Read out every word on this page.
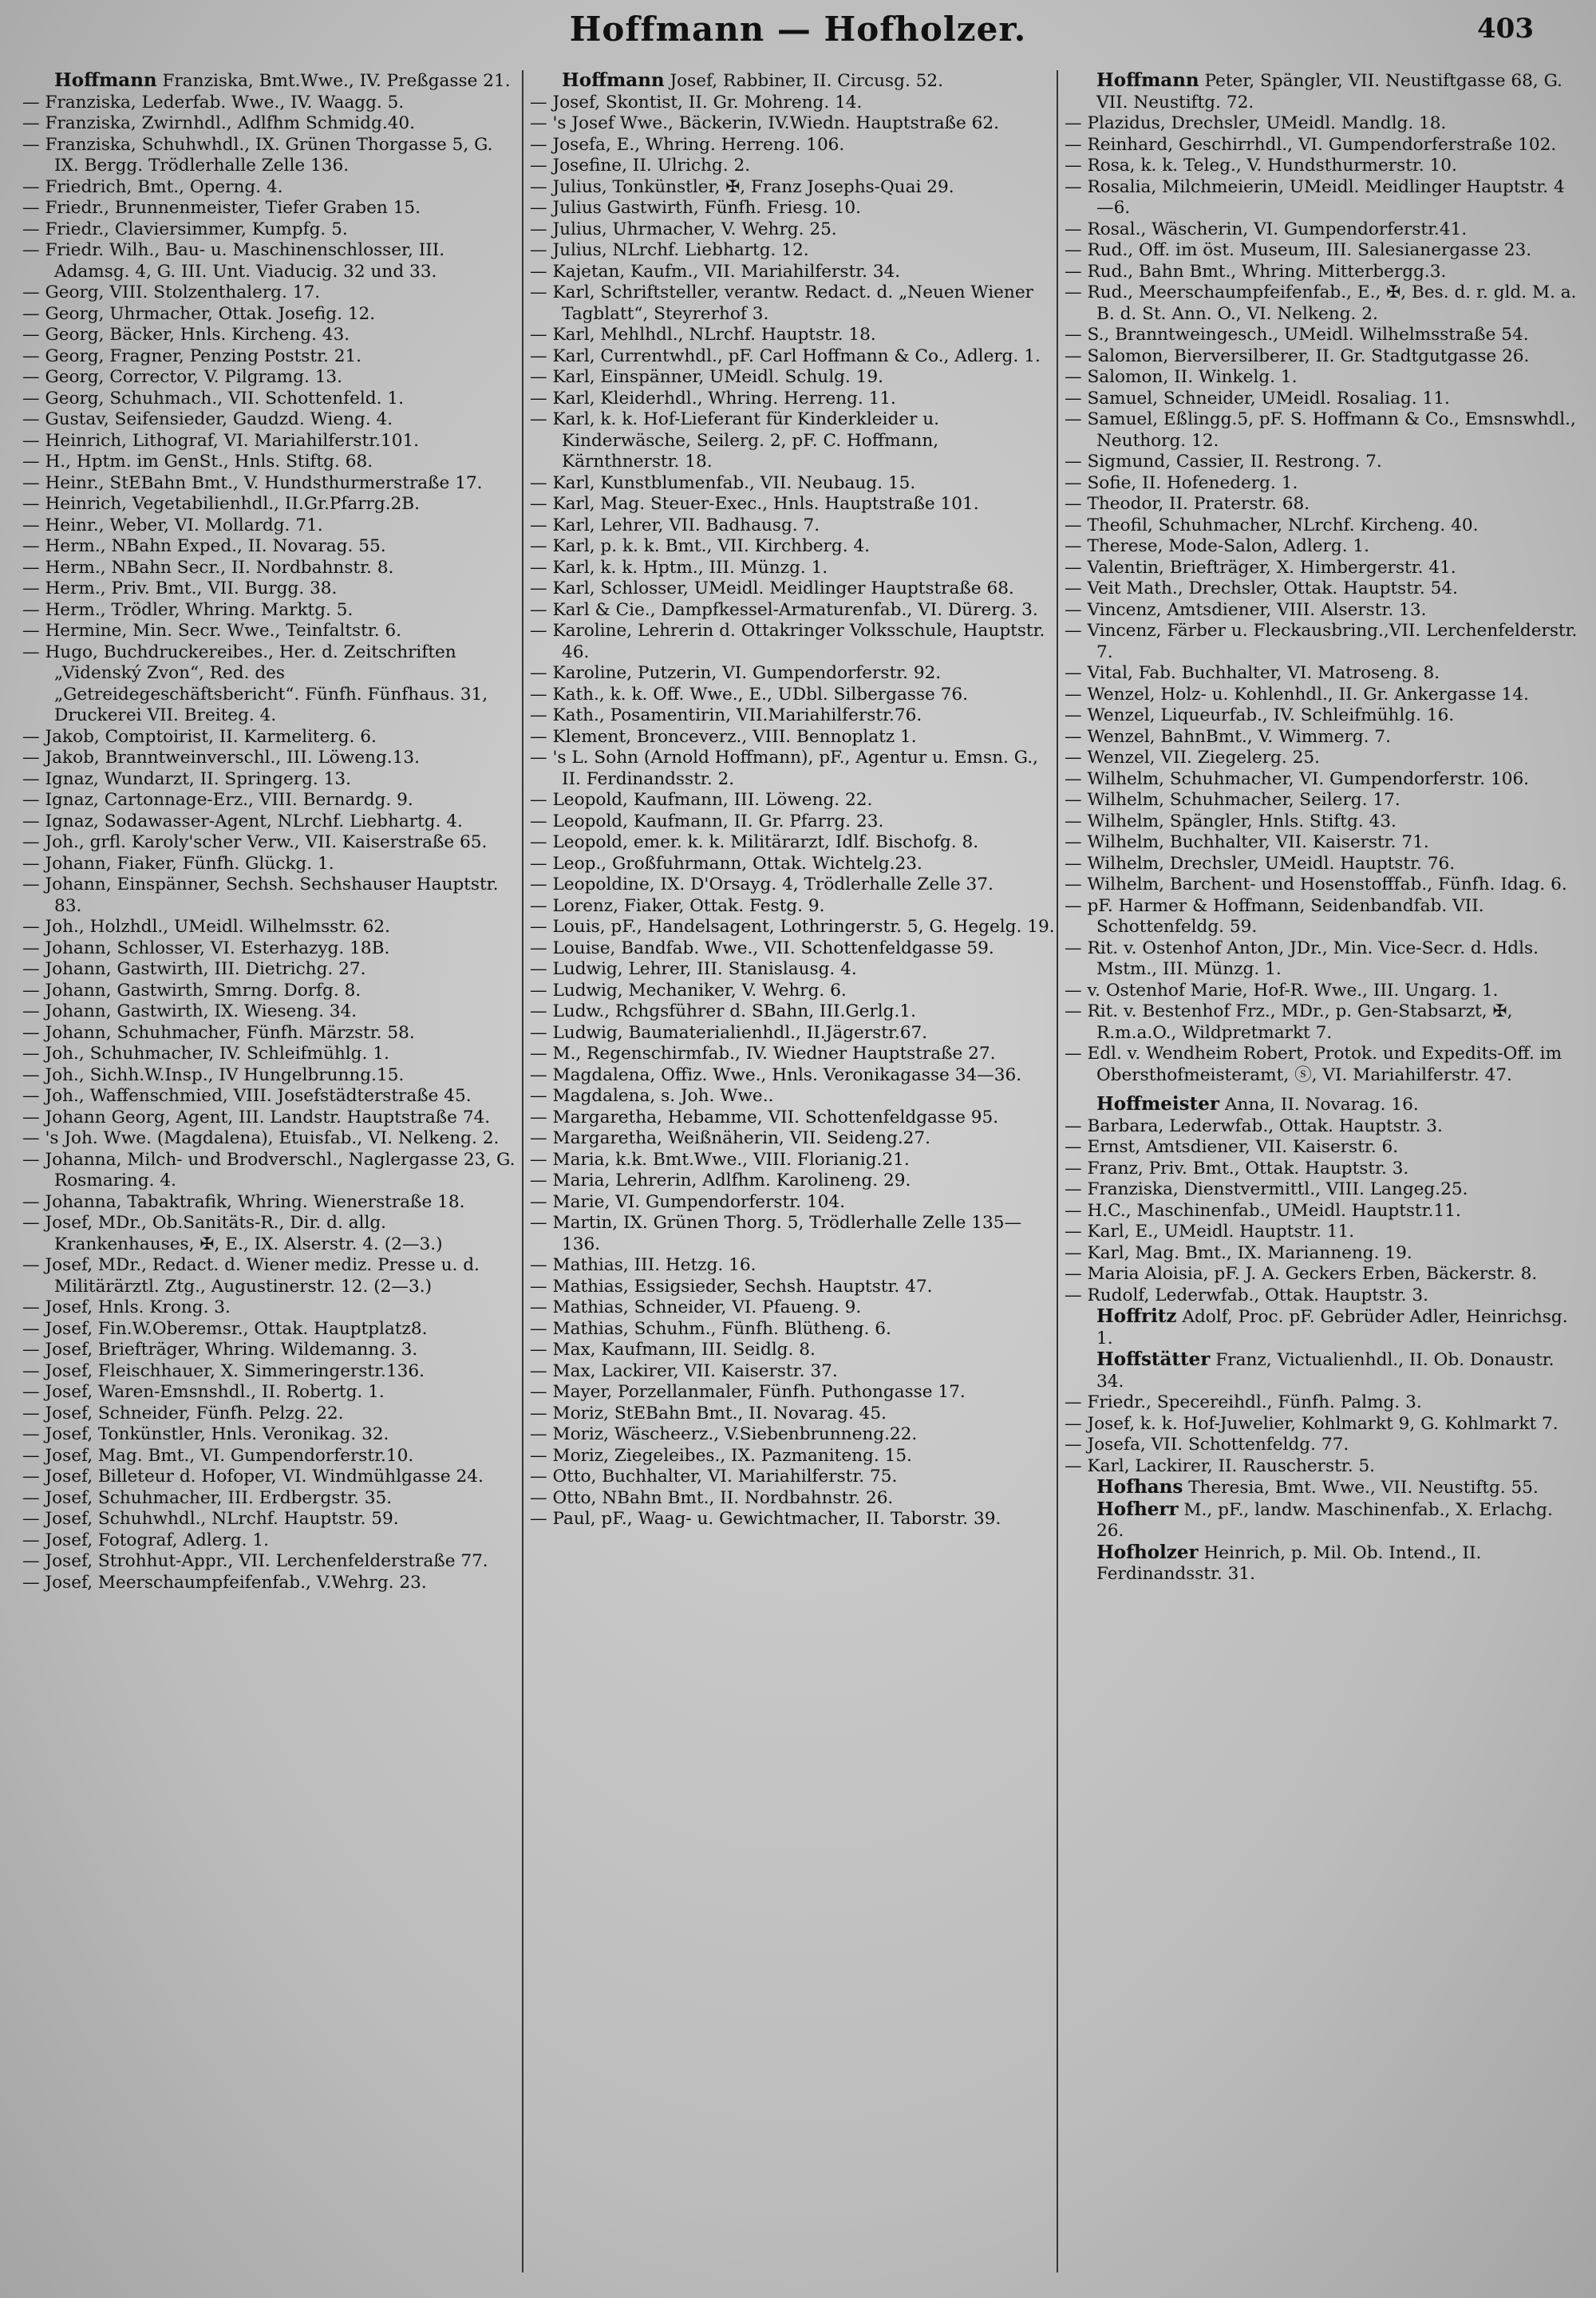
Hoffmann — Hofholzer.	403

Hoffmann Franziska, Bmt.Wwe., IV. Preßgasse 21.

— Franziska, Lederfab. Wwe., IV. Waagg. 5.

— Franziska, Zwirnhdl., Adlfhm Schmidg.40.

— Franziska, Schuhwhdl., IX. Grünen Thorgasse 5, G. IX. Bergg. Trödlerhalle Zelle 136.

— Friedrich, Bmt., Operng. 4.

— Friedr., Brunnenmeister, Tiefer Graben 15.

— Friedr., Claviersimmer, Kumpfg. 5.

— Friedr. Wilh., Bau- u. Maschinenschlosser, III. Adamsg. 4, G. III. Unt. Viaducig. 32 und 33.

— Georg, VIII. Stolzenthalerg. 17.

— Georg, Uhrmacher, Ottak. Josefig. 12.

— Georg, Bäcker, Hnls. Kircheng. 43.

— Georg, Fragner, Penzing Poststr. 21.

— Georg, Corrector, V. Pilgramg. 13.

— Georg, Schuhmach., VII. Schottenfeld. 1.

— Gustav, Seifensieder, Gaudzd. Wieng. 4.

— Heinrich, Lithograf, VI. Mariahilferstr.101.

— H., Hptm. im GenSt., Hnls. Stiftg. 68.

— Heinr., StEBahn Bmt., V. Hundsthurmerstraße 17.

— Heinrich, Vegetabilienhdl., II.Gr.Pfarrg.2B.

— Heinr., Weber, VI. Mollardg. 71.

— Herm., NBahn Exped., II. Novarag. 55.

— Herm., NBahn Secr., II. Nordbahnstr. 8.

— Herm., Priv. Bmt., VII. Burgg. 38.

— Herm., Trödler, Whring. Marktg. 5.

— Hermine, Min. Secr. Wwe., Teinfaltstr. 6.

— Hugo, Buchdruckereibes., Her. d. Zeitschriften „Videnský Zvon“, Red. des „Getreidegeschäftsbericht“. Fünfh. Fünfhaus. 31, Druckerei VII. Breiteg. 4.

— Jakob, Comptoirist, II. Karmeliterg. 6.

— Jakob, Branntweinverschl., III. Löweng.13.

— Ignaz, Wundarzt, II. Springerg. 13.

— Ignaz, Cartonnage-Erz., VIII. Bernardg. 9.

— Ignaz, Sodawasser-Agent, NLrchf. Liebhartg. 4.

— Joh., grfl. Karoly'scher Verw., VII. Kaiserstraße 65.

— Johann, Fiaker, Fünfh. Glückg. 1.

— Johann, Einspänner, Sechsh. Sechshauser Hauptstr. 83.

— Joh., Holzhdl., UMeidl. Wilhelmsstr. 62.

— Johann, Schlosser, VI. Esterhazyg. 18B.

— Johann, Gastwirth, III. Dietrichg. 27.

— Johann, Gastwirth, Smrng. Dorfg. 8.

— Johann, Gastwirth, IX. Wieseng. 34.

— Johann, Schuhmacher, Fünfh. Märzstr. 58.

— Joh., Schuhmacher, IV. Schleifmühlg. 1.

— Joh., Sichh.W.Insp., IV Hungelbrunng.15.

— Joh., Waffenschmied, VIII. Josefstädterstraße 45.

— Johann Georg, Agent, III. Landstr. Hauptstraße 74.

— 's Joh. Wwe. (Magdalena), Etuisfab., VI. Nelkeng. 2.

— Johanna, Milch- und Brodverschl., Naglergasse 23, G. Rosmaring. 4.

— Johanna, Tabaktrafik, Whring. Wienerstraße 18.

— Josef, MDr., Ob.Sanitäts-R., Dir. d. allg. Krankenhauses, ✠, E., IX. Alserstr. 4. (2—3.)

— Josef, MDr., Redact. d. Wiener mediz. Presse u. d. Militärärztl. Ztg., Augustinerstr. 12. (2—3.)

— Josef, Hnls. Krong. 3.

— Josef, Fin.W.Oberemsr., Ottak. Hauptplatz8.

— Josef, Briefträger, Whring. Wildemanng. 3.

— Josef, Fleischhauer, X. Simmeringerstr.136.

— Josef, Waren-Emsnshdl., II. Robertg. 1.

— Josef, Schneider, Fünfh. Pelzg. 22.

— Josef, Tonkünstler, Hnls. Veronikag. 32.

— Josef, Mag. Bmt., VI. Gumpendorferstr.10.

— Josef, Billeteur d. Hofoper, VI. Windmühlgasse 24.

— Josef, Schuhmacher, III. Erdbergstr. 35.

— Josef, Schuhwhdl., NLrchf. Hauptstr. 59.

— Josef, Fotograf, Adlerg. 1.

— Josef, Strohhut-Appr., VII. Lerchenfelderstraße 77.

— Josef, Meerschaumpfeifenfab., V.Wehrg. 23.

Hoffmann Josef, Rabbiner, II. Circusg. 52.

— Josef, Skontist, II. Gr. Mohreng. 14.

— 's Josef Wwe., Bäckerin, IV.Wiedn. Hauptstraße 62.

— Josefa, E., Whring. Herreng. 106.

— Josefine, II. Ulrichg. 2.

— Julius, Tonkünstler, ✠, Franz Josephs-Quai 29.

— Julius Gastwirth, Fünfh. Friesg. 10.

— Julius, Uhrmacher, V. Wehrg. 25.

— Julius, NLrchf. Liebhartg. 12.

— Kajetan, Kaufm., VII. Mariahilferstr. 34.

— Karl, Schriftsteller, verantw. Redact. d. „Neuen Wiener Tagblatt“, Steyrerhof 3.

— Karl, Mehlhdl., NLrchf. Hauptstr. 18.

— Karl, Currentwhdl., pF. Carl Hoffmann & Co., Adlerg. 1.

— Karl, Einspänner, UMeidl. Schulg. 19.

— Karl, Kleiderhdl., Whring. Herreng. 11.

— Karl, k. k. Hof-Lieferant für Kinderkleider u. Kinderwäsche, Seilerg. 2, pF. C. Hoffmann, Kärnthnerstr. 18.

— Karl, Kunstblumenfab., VII. Neubaug. 15.

— Karl, Mag. Steuer-Exec., Hnls. Hauptstraße 101.

— Karl, Lehrer, VII. Badhausg. 7.

— Karl, p. k. k. Bmt., VII. Kirchberg. 4.

— Karl, k. k. Hptm., III. Münzg. 1.

— Karl, Schlosser, UMeidl. Meidlinger Hauptstraße 68.

— Karl & Cie., Dampfkessel-Armaturenfab., VI. Dürerg. 3.

— Karoline, Lehrerin d. Ottakringer Volksschule, Hauptstr. 46.

— Karoline, Putzerin, VI. Gumpendorferstr. 92.

— Kath., k. k. Off. Wwe., E., UDbl. Silbergasse 76.

— Kath., Posamentirin, VII.Mariahilferstr.76.

— Klement, Bronceverz., VIII. Bennoplatz 1.

— 's L. Sohn (Arnold Hoffmann), pF., Agentur u. Emsn. G., II. Ferdinandsstr. 2.

— Leopold, Kaufmann, III. Löweng. 22.

— Leopold, Kaufmann, II. Gr. Pfarrg. 23.

— Leopold, emer. k. k. Militärarzt, Idlf. Bischofg. 8.

— Leop., Großfuhrmann, Ottak. Wichtelg.23.

— Leopoldine, IX. D'Orsayg. 4, Trödlerhalle Zelle 37.

— Lorenz, Fiaker, Ottak. Festg. 9.

— Louis, pF., Handelsagent, Lothringerstr. 5, G. Hegelg. 19.

— Louise, Bandfab. Wwe., VII. Schottenfeldgasse 59.

— Ludwig, Lehrer, III. Stanislausg. 4.

— Ludwig, Mechaniker, V. Wehrg. 6.

— Ludw., Rchgsführer d. SBahn, III.Gerlg.1.

— Ludwig, Baumaterialienhdl., II.Jägerstr.67.

— M., Regenschirmfab., IV. Wiedner Hauptstraße 27.

— Magdalena, Offiz. Wwe., Hnls. Veronikagasse 34—36.

— Magdalena, s. Joh. Wwe..

— Margaretha, Hebamme, VII. Schottenfeldgasse 95.

— Margaretha, Weißnäherin, VII. Seideng.27.

— Maria, k.k. Bmt.Wwe., VIII. Florianig.21.

— Maria, Lehrerin, Adlfhm. Karolineng. 29.

— Marie, VI. Gumpendorferstr. 104.

— Martin, IX. Grünen Thorg. 5, Trödlerhalle Zelle 135—136.

— Mathias, III. Hetzg. 16.

— Mathias, Essigsieder, Sechsh. Hauptstr. 47.

— Mathias, Schneider, VI. Pfaueng. 9.

— Mathias, Schuhm., Fünfh. Blütheng. 6.

— Max, Kaufmann, III. Seidlg. 8.

— Max, Lackirer, VII. Kaiserstr. 37.

— Mayer, Porzellanmaler, Fünfh. Puthongasse 17.

— Moriz, StEBahn Bmt., II. Novarag. 45.

— Moriz, Wäscheerz., V.Siebenbrunneng.22.

— Moriz, Ziegeleibes., IX. Pazmaniteng. 15.

— Otto, Buchhalter, VI. Mariahilferstr. 75.

— Otto, NBahn Bmt., II. Nordbahnstr. 26.

— Paul, pF., Waag- u. Gewichtmacher, II. Taborstr. 39.

Hoffmann Peter, Spängler, VII. Neustiftgasse 68, G. VII. Neustiftg. 72.

— Plazidus, Drechsler, UMeidl. Mandlg. 18.

— Reinhard, Geschirrhdl., VI. Gumpendorferstraße 102.

— Rosa, k. k. Teleg., V. Hundsthurmerstr. 10.

— Rosalia, Milchmeierin, UMeidl. Meidlinger Hauptstr. 4—6.

— Rosal., Wäscherin, VI. Gumpendorferstr.41.

— Rud., Off. im öst. Museum, III. Salesianergasse 23.

— Rud., Bahn Bmt., Whring. Mitterbergg.3.

— Rud., Meerschaumpfeifenfab., E., ✠, Bes. d. r. gld. M. a. B. d. St. Ann. O., VI. Nelkeng. 2.

— S., Branntweingesch., UMeidl. Wilhelmsstraße 54.

— Salomon, Bierversilberer, II. Gr. Stadtgutgasse 26.

— Salomon, II. Winkelg. 1.

— Samuel, Schneider, UMeidl. Rosaliag. 11.

— Samuel, Eßlingg.5, pF. S. Hoffmann & Co., Emsnswhdl., Neuthorg. 12.

— Sigmund, Cassier, II. Restrong. 7.

— Sofie, II. Hofenederg. 1.

— Theodor, II. Praterstr. 68.

— Theofil, Schuhmacher, NLrchf. Kircheng. 40.

— Therese, Mode-Salon, Adlerg. 1.

— Valentin, Briefträger, X. Himbergerstr. 41.

— Veit Math., Drechsler, Ottak. Hauptstr. 54.

— Vincenz, Amtsdiener, VIII. Alserstr. 13.

— Vincenz, Färber u. Fleckausbring.,VII. Lerchenfelderstr. 7.

— Vital, Fab. Buchhalter, VI. Matroseng. 8.

— Wenzel, Holz- u. Kohlenhdl., II. Gr. Ankergasse 14.

— Wenzel, Liqueurfab., IV. Schleifmühlg. 16.

— Wenzel, BahnBmt., V. Wimmerg. 7.

— Wenzel, VII. Ziegelerg. 25.

— Wilhelm, Schuhmacher, VI. Gumpendorferstr. 106.

— Wilhelm, Schuhmacher, Seilerg. 17.

— Wilhelm, Spängler, Hnls. Stiftg. 43.

— Wilhelm, Buchhalter, VII. Kaiserstr. 71.

— Wilhelm, Drechsler, UMeidl. Hauptstr. 76.

— Wilhelm, Barchent- und Hosenstofffab., Fünfh. Idag. 6.

— pF. Harmer & Hoffmann, Seidenbandfab. VII. Schottenfeldg. 59.

— Rit. v. Ostenhof Anton, JDr., Min. Vice-Secr. d. Hdls. Mstm., III. Münzg. 1.

— v. Ostenhof Marie, Hof-R. Wwe., III. Ungarg. 1.

— Rit. v. Bestenhof Frz., MDr., p. Gen-Stabsarzt, ✠, R.m.a.O., Wildpretmarkt 7.

— Edl. v. Wendheim Robert, Protok. und Expedits-Off. im Obersthofmeisteramt, ⓢ, VI. Mariahilferstr. 47.

Hoffmeister Anna, II. Novarag. 16.

— Barbara, Lederwfab., Ottak. Hauptstr. 3.

— Ernst, Amtsdiener, VII. Kaiserstr. 6.

— Franz, Priv. Bmt., Ottak. Hauptstr. 3.

— Franziska, Dienstvermittl., VIII. Langeg.25.

— H.C., Maschinenfab., UMeidl. Hauptstr.11.

— Karl, E., UMeidl. Hauptstr. 11.

— Karl, Mag. Bmt., IX. Marianneng. 19.

— Maria Aloisia, pF. J. A. Geckers Erben, Bäckerstr. 8.

— Rudolf, Lederwfab., Ottak. Hauptstr. 3.

Hoffritz Adolf, Proc. pF. Gebrüder Adler, Heinrichsg. 1.

Hoffstätter Franz, Victualienhdl., II. Ob. Donaustr. 34.

— Friedr., Specereihdl., Fünfh. Palmg. 3.

— Josef, k. k. Hof-Juwelier, Kohlmarkt 9, G. Kohlmarkt 7.

— Josefa, VII. Schottenfeldg. 77.

— Karl, Lackirer, II. Rauscherstr. 5.

Hofhans Theresia, Bmt. Wwe., VII. Neustiftg. 55.

Hofherr M., pF., landw. Maschinenfab., X. Erlachg. 26.

Hofholzer Heinrich, p. Mil. Ob. Intend., II. Ferdinandsstr. 31.
